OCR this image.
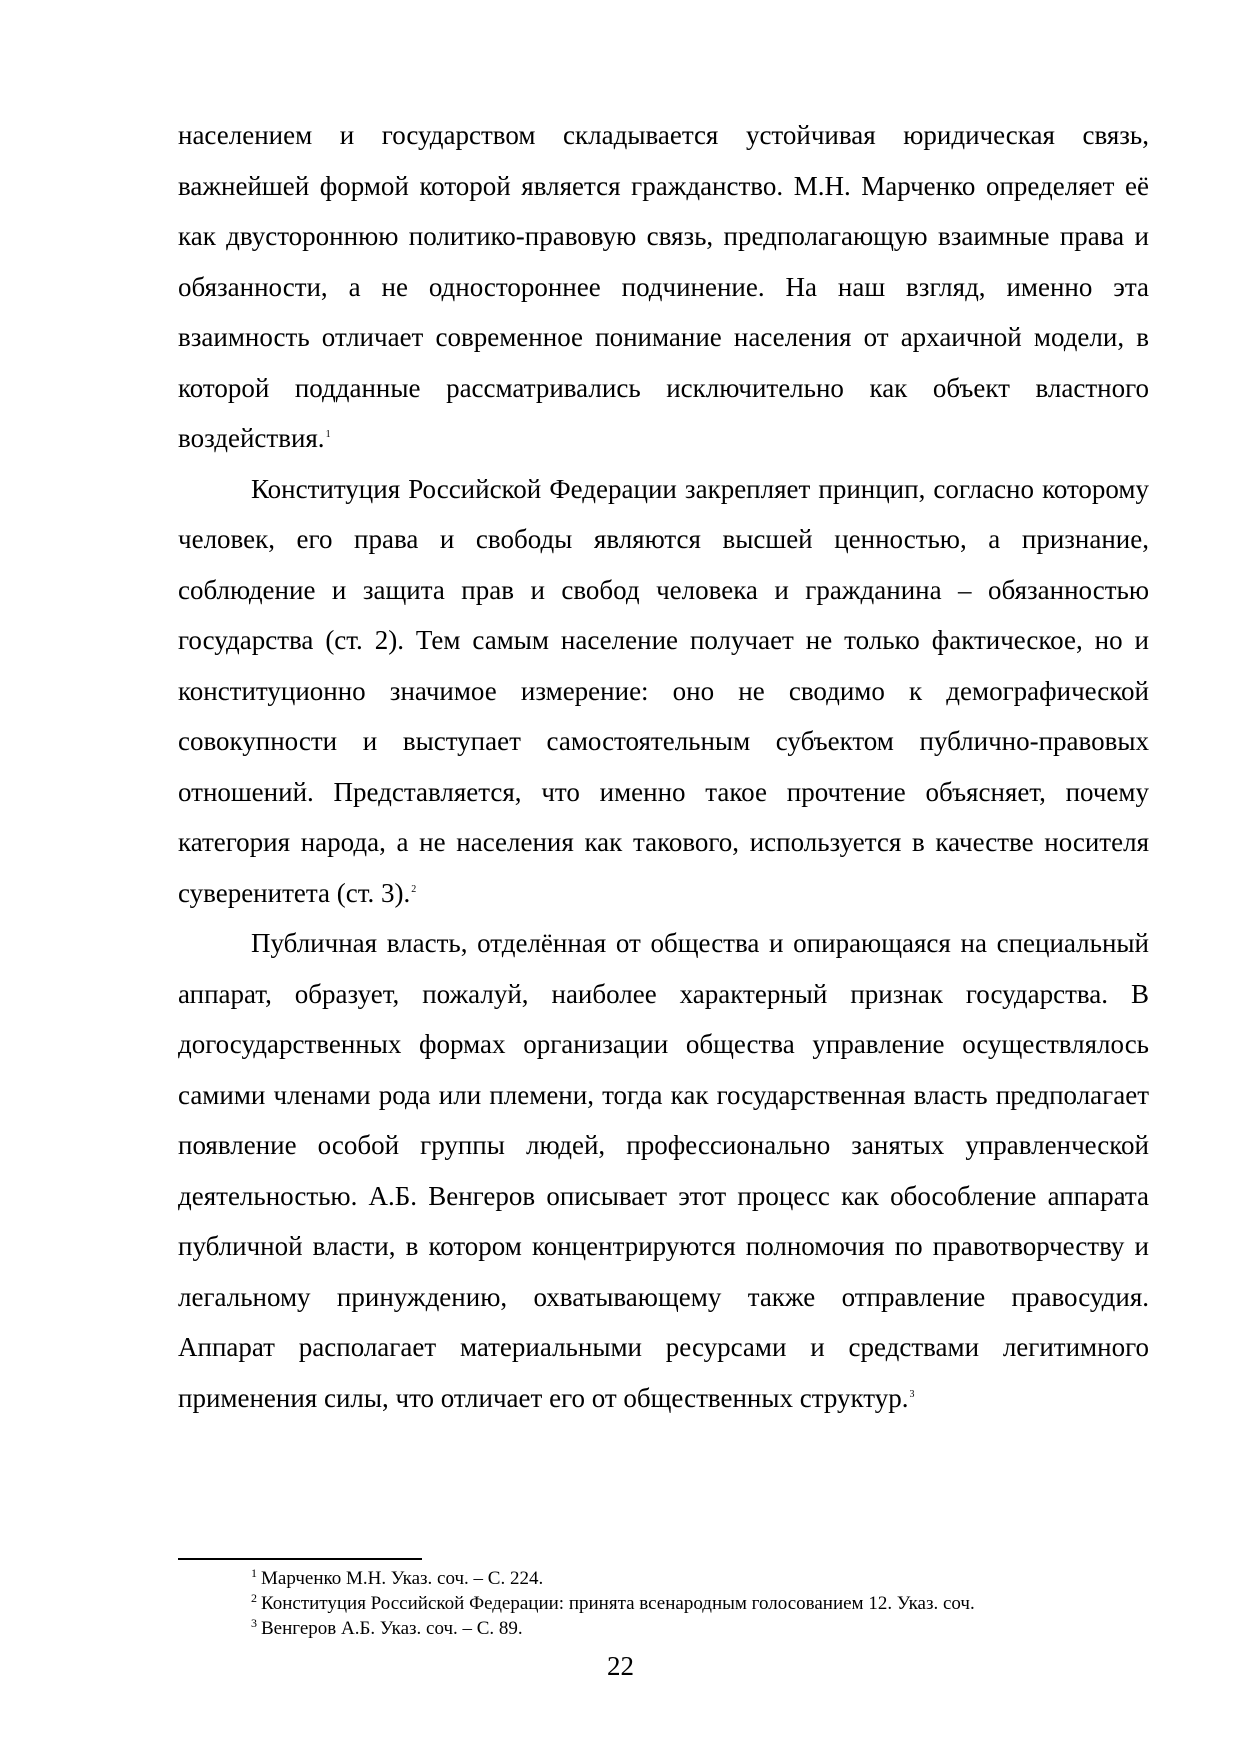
населением и государством складывается устойчивая юридическая связь, важнейшей формой которой является гражданство. М.Н. Марченко определяет её как двустороннюю политико-правовую связь, предполагающую взаимные права и обязанности, а не одностороннее подчинение. На наш взгляд, именно эта взаимность отличает современное понимание населения от архаичной модели, в которой подданные рассматривались исключительно как объект властного воздействия.$^1$

Конституция Российской Федерации закрепляет принцип, согласно которому человек, его права и свободы являются высшей ценностью, а признание, соблюдение и защита прав и свобод человека и гражданина – обязанностью государства (ст. 2). Тем самым население получает не только фактическое, но и конституционно значимое измерение: оно не сводимо к демографической совокупности и выступает самостоятельным субъектом публично-правовых отношений. Представляется, что именно такое прочтение объясняет, почему категория народа, а не населения как такового, используется в качестве носителя суверенитета (ст. 3).$^2$

Публичная власть, отделённая от общества и опирающаяся на специальный аппарат, образует, пожалуй, наиболее характерный признак государства. В догосударственных формах организации общества управление осуществлялось самими членами рода или племени, тогда как государственная власть предполагает появление особой группы людей, профессионально занятых управленческой деятельностью. А.Б. Венгеров описывает этот процесс как обособление аппарата публичной власти, в котором концентрируются полномочия по правотворчеству и легальному принуждению, охватывающему также отправление правосудия. Аппарат располагает материальными ресурсами и средствами легитимного применения силы, что отличает его от общественных структур.$^3$

$^1$ Марченко М.Н. Указ. соч. – С. 224.

$^2$ Конституция Российской Федерации: принята всенародным голосованием 12. Указ. соч.

$^3$ Венгеров А.Б. Указ. соч. – С. 89.

22
